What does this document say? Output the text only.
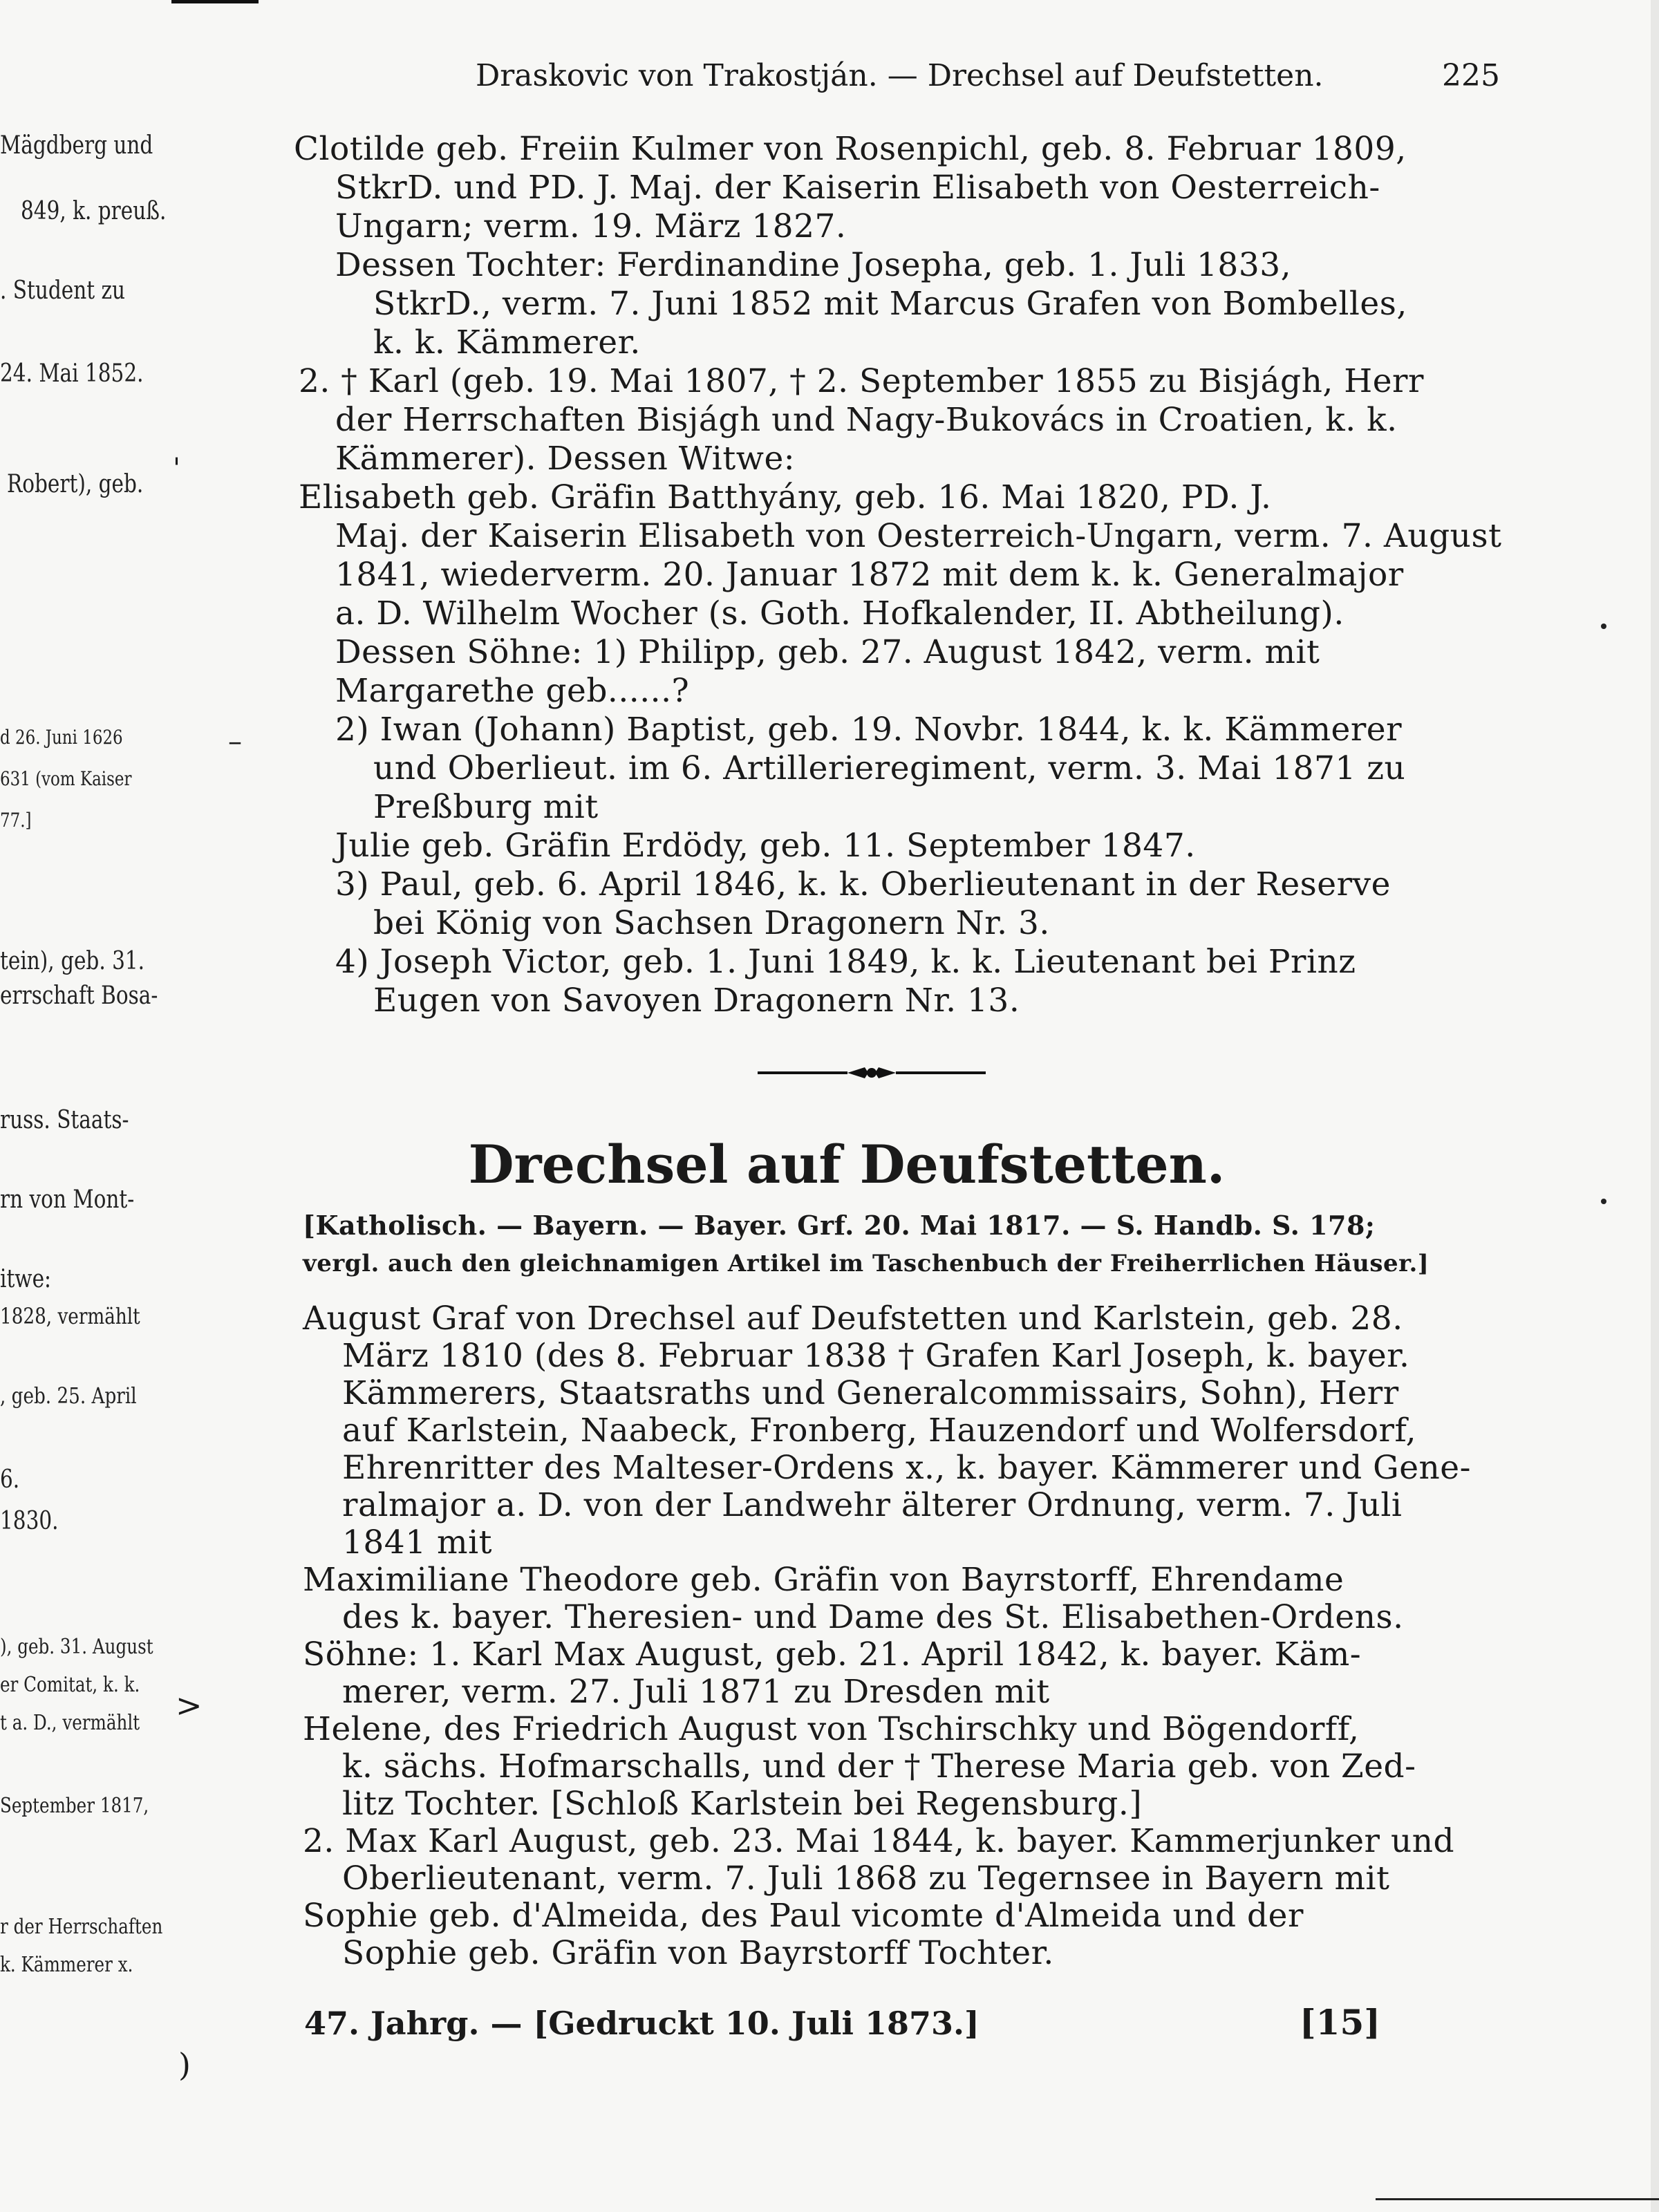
Draskovic von Trakostján. — Drechsel auf Deufstetten.	225
Mägdberg und
849, k. preuß.
. Student zu
24. Mai 1852.
Robert), geb.
d 26. Juni 1626
631 (vom Kaiser
77.]
tein), geb. 31.
errschaft Bosa-
russ. Staats-
rn von Mont-
itwe:
1828, vermählt
, geb. 25. April
6.
1830.
), geb. 31. August
er Comitat, k. k.
t a. D., vermählt
September 1817,
r der Herrschaften
k. Kämmerer x.
'
>
)
–
Clotilde geb. Freiin Kulmer von Rosenpichl, geb. 8. Februar 1809,
StkrD. und PD. J. Maj. der Kaiserin Elisabeth von Oesterreich-
Ungarn; verm. 19. März 1827.
Dessen Tochter: Ferdinandine Josepha, geb. 1. Juli 1833,
StkrD., verm. 7. Juni 1852 mit Marcus Grafen von Bombelles,
k. k. Kämmerer.
2. † Karl (geb. 19. Mai 1807, † 2. September 1855 zu Bisjágh, Herr
der Herrschaften Bisjágh und Nagy-Bukovács in Croatien, k. k.
Kämmerer). Dessen Witwe:
Elisabeth geb. Gräfin Batthyány, geb. 16. Mai 1820, PD. J.
Maj. der Kaiserin Elisabeth von Oesterreich-Ungarn, verm. 7. August
1841, wiederverm. 20. Januar 1872 mit dem k. k. Generalmajor
a. D. Wilhelm Wocher (s. Goth. Hofkalender, II. Abtheilung).
Dessen Söhne: 1) Philipp, geb. 27. August 1842, verm. mit
Margarethe geb......?
2) Iwan (Johann) Baptist, geb. 19. Novbr. 1844, k. k. Kämmerer
und Oberlieut. im 6. Artillerieregiment, verm. 3. Mai 1871 zu
Preßburg mit
Julie geb. Gräfin Erdödy, geb. 11. September 1847.
3) Paul, geb. 6. April 1846, k. k. Oberlieutenant in der Reserve
bei König von Sachsen Dragonern Nr. 3.
4) Joseph Victor, geb. 1. Juni 1849, k. k. Lieutenant bei Prinz
Eugen von Savoyen Dragonern Nr. 13.
Drechsel auf Deufstetten.
[Katholisch. — Bayern. — Bayer. Grf. 20. Mai 1817. — S. Handb. S. 178;
vergl. auch den gleichnamigen Artikel im Taschenbuch der Freiherrlichen Häuser.]
August Graf von Drechsel auf Deufstetten und Karlstein, geb. 28.
März 1810 (des 8. Februar 1838 † Grafen Karl Joseph, k. bayer.
Kämmerers, Staatsraths und Generalcommissairs, Sohn), Herr
auf Karlstein, Naabeck, Fronberg, Hauzendorf und Wolfersdorf,
Ehrenritter des Malteser-Ordens x., k. bayer. Kämmerer und Gene-
ralmajor a. D. von der Landwehr älterer Ordnung, verm. 7. Juli
1841 mit
Maximiliane Theodore geb. Gräfin von Bayrstorff, Ehrendame
des k. bayer. Theresien- und Dame des St. Elisabethen-Ordens.
Söhne: 1. Karl Max August, geb. 21. April 1842, k. bayer. Käm-
merer, verm. 27. Juli 1871 zu Dresden mit
Helene, des Friedrich August von Tschirschky und Bögendorff,
k. sächs. Hofmarschalls, und der † Therese Maria geb. von Zed-
litz Tochter. [Schloß Karlstein bei Regensburg.]
2. Max Karl August, geb. 23. Mai 1844, k. bayer. Kammerjunker und
Oberlieutenant, verm. 7. Juli 1868 zu Tegernsee in Bayern mit
Sophie geb. d'Almeida, des Paul vicomte d'Almeida und der
Sophie geb. Gräfin von Bayrstorff Tochter.
47. Jahrg. — [Gedruckt 10. Juli 1873.]	[15]
